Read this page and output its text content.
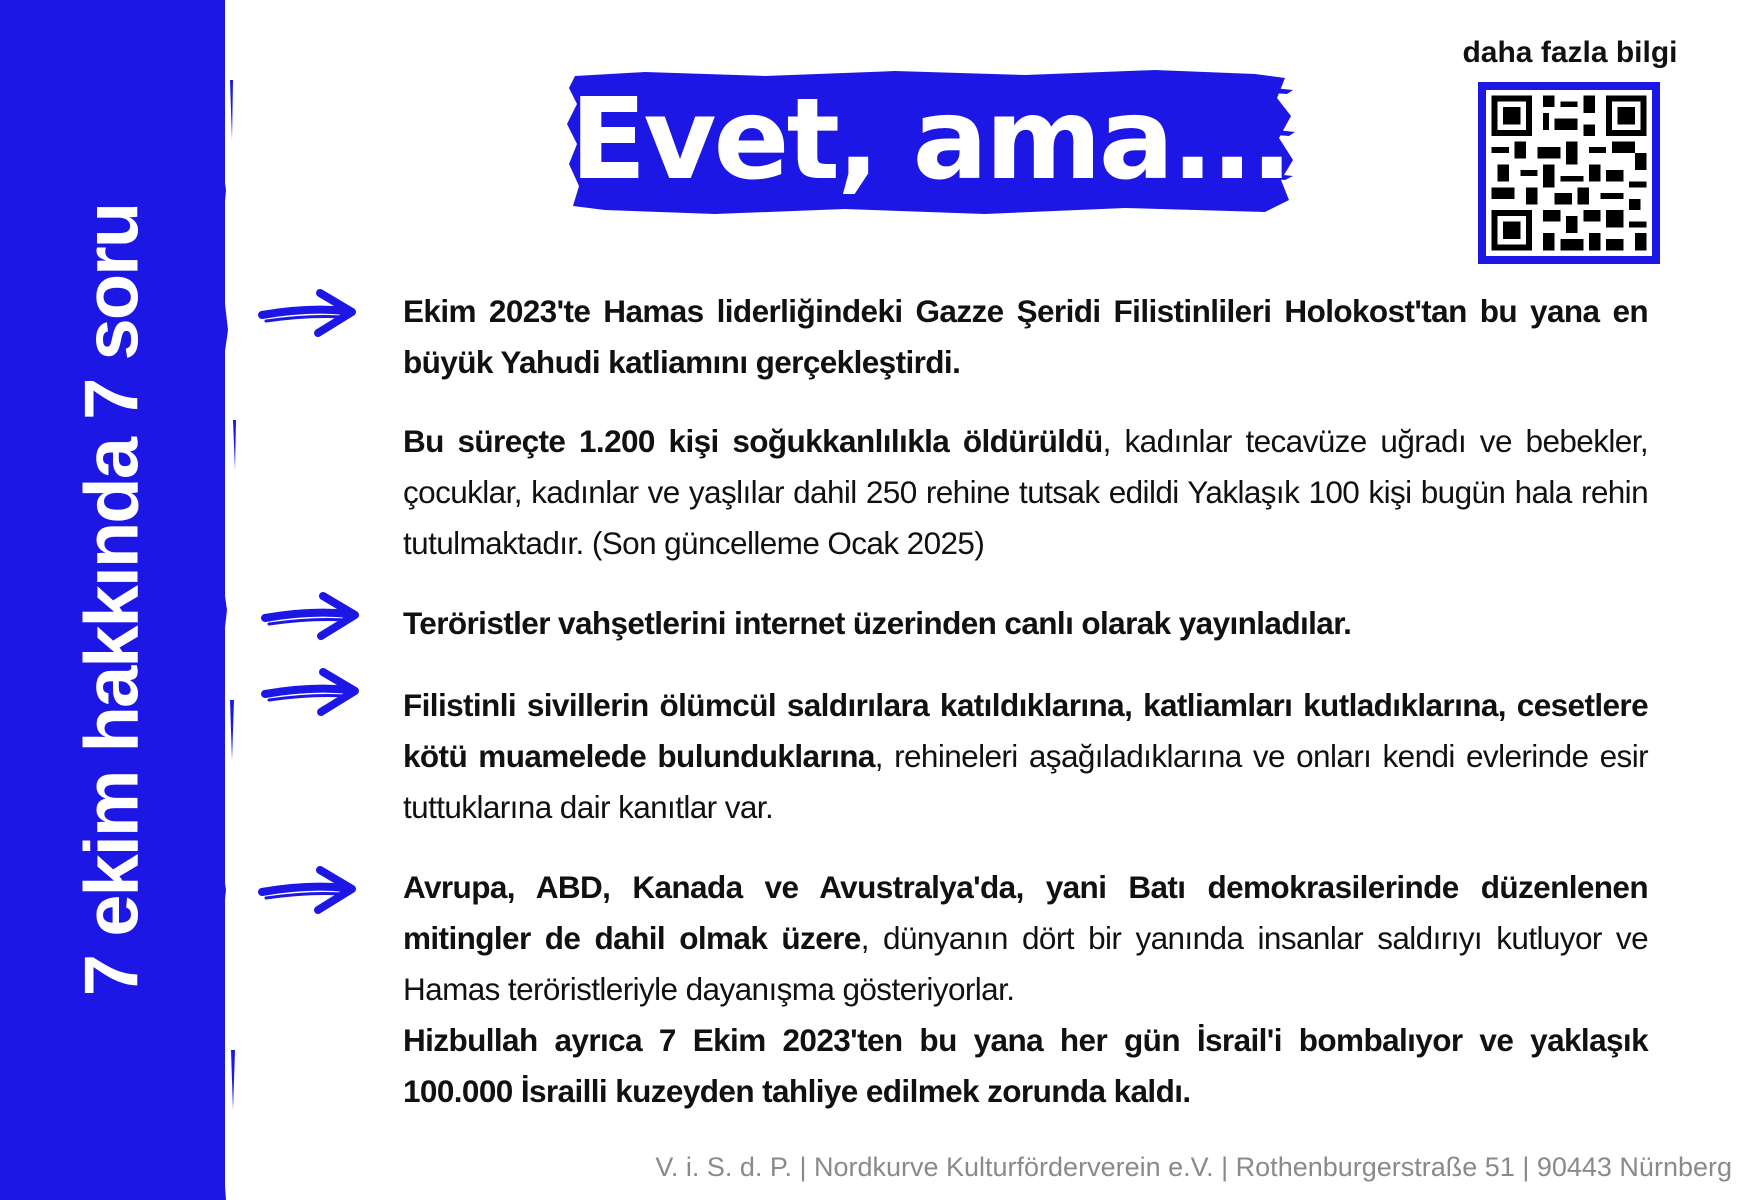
7 ekim hakkında 7 soru
Evet, ama...
daha fazla bilgi
Ekim 2023'te Hamas liderliğindeki Gazze Şeridi Filistinlileri Holokost'tan bu yana en büyük Yahudi katliamını gerçekleştirdi.
Bu süreçte 1.200 kişi soğukkanlılıkla öldürüldü, kadınlar tecavüze uğradı ve bebekler, çocuklar, kadınlar ve yaşlılar dahil 250 rehine tutsak edildi Yaklaşık 100 kişi bugün hala rehin tutulmaktadır. (Son güncelleme Ocak 2025)
Teröristler vahşetlerini internet üzerinden canlı olarak yayınladılar.
Filistinli sivillerin ölümcül saldırılara katıldıklarına, katliamları kutladıklarına, cesetlere kötü muamelede bulunduklarına, rehineleri aşağıladıklarına ve onları kendi evlerinde esir tuttuklarına dair kanıtlar var.
Avrupa, ABD, Kanada ve Avustralya'da, yani Batı demokrasilerinde düzenlenen mitingler de dahil olmak üzere, dünyanın dört bir yanında insanlar saldırıyı kutluyor ve Hamas teröristleriyle dayanışma gösteriyorlar.
Hizbullah ayrıca 7 Ekim 2023'ten bu yana her gün İsrail'i bombalıyor ve yaklaşık 100.000 İsrailli kuzeyden tahliye edilmek zorunda kaldı.
V. i. S. d. P. | Nordkurve Kulturförderverein e.V. | Rothenburgerstraße 51 | 90443 Nürnberg
